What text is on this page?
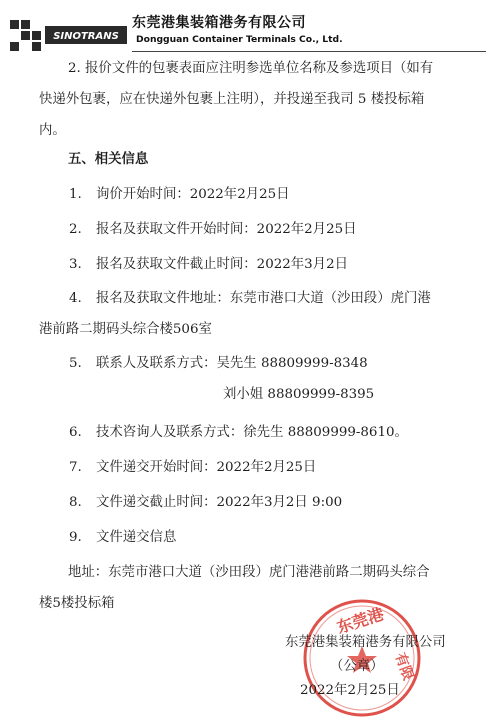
SINOTRANS
东莞港集装箱港务有限公司
Dongguan Container Terminals Co., Ltd.
2. 报价文件的包裹表面应注明参选单位名称及参选项目（如有
快递外包裹，应在快递外包裹上注明），并投递至我司 5 楼投标箱
内。
五、相关信息
1. 询价开始时间：2022年2月25日
2. 报名及获取文件开始时间：2022年2月25日
3. 报名及获取文件截止时间：2022年3月2日
4. 报名及获取文件地址：东莞市港口大道（沙田段）虎门港
港前路二期码头综合楼506室
5. 联系人及联系方式：吴先生 88809999-8348
刘小姐 88809999-8395
6. 技术咨询人及联系方式：徐先生 88809999-8610。
7. 文件递交开始时间：2022年2月25日
8. 文件递交截止时间：2022年3月2日 9:00
9. 文件递交信息
地址：东莞市港口大道（沙田段）虎门港港前路二期码头综合
楼5楼投标箱
东莞港
有限
东莞港集装箱港务有限公司
（公章）
2022年2月25日
